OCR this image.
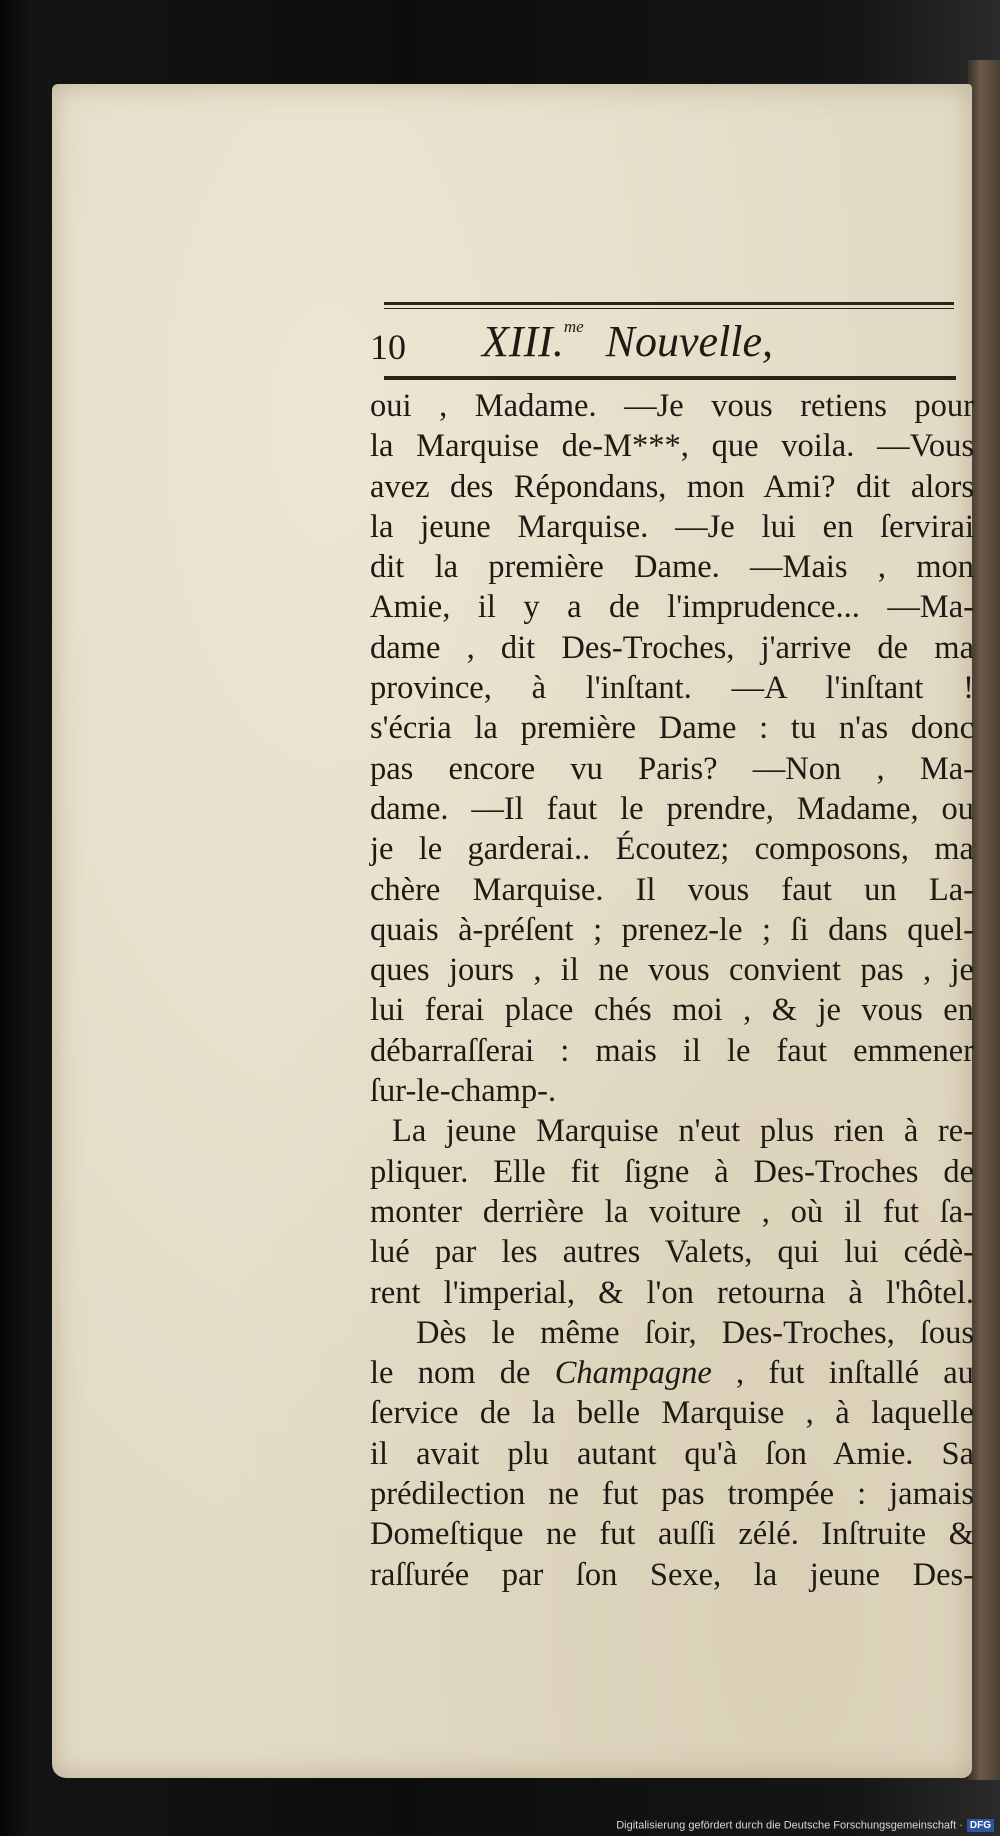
10 XIII.$^{me}$ Nouvelle,
oui , Madame. —Je vous retiens pour
la Marquise de-M***, que voila. —Vous
avez des Répondans, mon Ami? dit alors
la jeune Marquise. —Je lui en ſervirai
dit la première Dame. —Mais , mon
Amie, il y a de l'imprudence... —Ma-
dame , dit Des-Troches, j'arrive de ma
province, à l'inſtant. —A l'inſtant !
s'écria la première Dame : tu n'as donc
pas encore vu Paris? —Non , Ma-
dame. —Il faut le prendre, Madame, ou
je le garderai.. Écoutez; composons, ma
chère Marquise. Il vous faut un La-
quais à-préſent ; prenez-le ; ſi dans quel-
ques jours , il ne vous convient pas , je
lui ferai place chés moi , & je vous en
débarraſſerai : mais il le faut emmener
ſur-le-champ-.
La jeune Marquise n'eut plus rien à re-
pliquer. Elle fit ſigne à Des-Troches de
monter derrière la voiture , où il fut ſa-
lué par les autres Valets, qui lui cédè-
rent l'imperial, & l'on retourna à l'hôtel.
Dès le même ſoir, Des-Troches, ſous
le nom de Champagne , fut inſtallé au
ſervice de la belle Marquise , à laquelle
il avait plu autant qu'à ſon Amie. Sa
prédilection ne fut pas trompée : jamais
Domeſtique ne fut auſſi zélé. Inſtruite &
raſſurée par ſon Sexe, la jeune Des-
Digitalisierung gefördert durch die Deutsche Forschungsgemeinschaft · DFG
